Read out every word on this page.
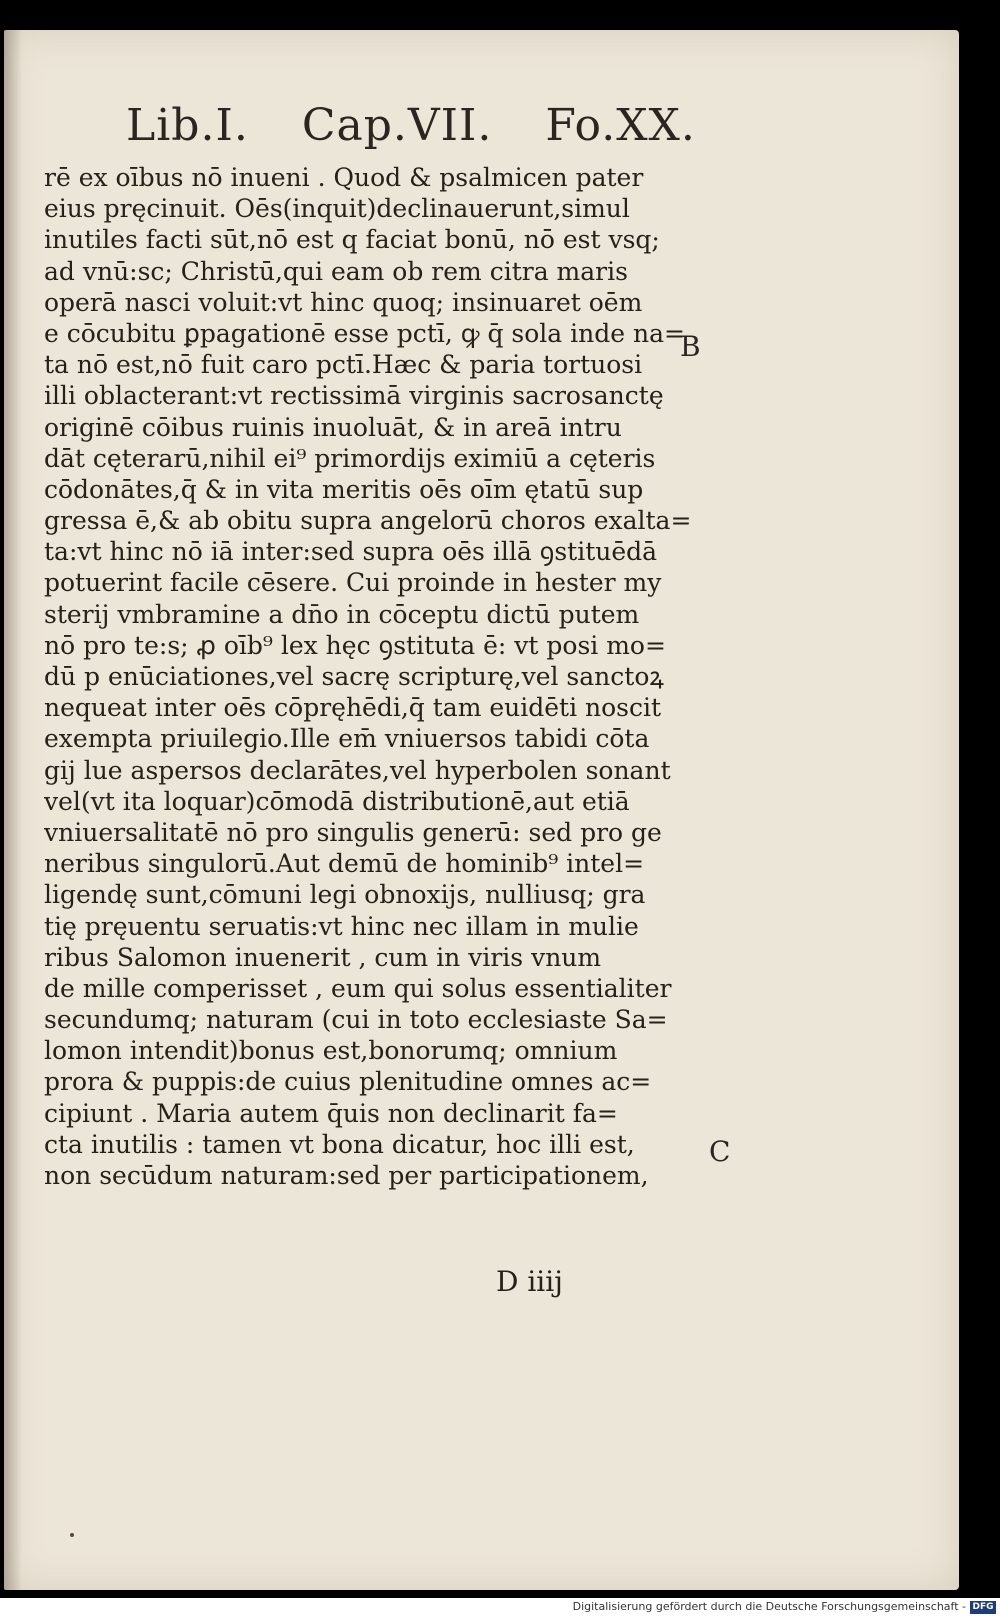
Lib.I. Cap.VII. Fo.XX.
rē ex oībus nō inueni . Quod & psalmicen pater
eius pręcinuit. Oēs(inquit)declinauerunt,simul
inutiles facti sūt,nō est q faciat bonū, nō est vsq;
ad vnū:sc; Christū,qui eam ob rem citra maris
operā nasci voluit:vt hinc quoq; insinuaret oēm
e cōcubitu ꝑpagationē esse pctī, ꝙ q̄ sola inde na=
ta nō est,nō fuit caro pctī.Hæc & paria tortuosi
illi oblacterant:vt rectissimā virginis sacrosanctę
originē cōibus ruinis inuoluāt, & in areā intru
dāt cęterarū,nihil ei⁹ primordijs eximiū a cęteris
cōdonātes,q̄ & in vita meritis oēs oīm ętatū sup
gressa ē,& ab obitu supra angelorū choros exalta=
ta:vt hinc nō iā inter:sed supra oēs illā ꝯstituēdā
potuerint facile cēsere. Cui proinde in hester my
sterij vmbramine a dn̄o in cōceptu dictū putem
nō pro te:s; ꝓ oīb⁹ lex hęc ꝯstituta ē: vt posi mo=
dū p enūciationes,vel sacrę scripturę,vel sanctoꝝ
nequeat inter oēs cōpręhēdi,q̄ tam euidēti noscit
exempta priuilegio.Ille em̄ vniuersos tabidi cōta
gij lue aspersos declarātes,vel hyperbolen sonant
vel(vt ita loquar)cōmodā distributionē,aut etiā
vniuersalitatē nō pro singulis generū: sed pro ge
neribus singulorū.Aut demū de hominib⁹ intel=
ligendę sunt,cōmuni legi obnoxijs, nulliusq; gra
tię pręuentu seruatis:vt hinc nec illam in mulie
ribus Salomon inuenerit , cum in viris vnum
de mille comperisset , eum qui solus essentialiter
secundumq; naturam (cui in toto ecclesiaste Sa=
lomon intendit)bonus est,bonorumq; omnium
prora & puppis:de cuius plenitudine omnes ac=
cipiunt . Maria autem q̄uis non declinarit fa=
cta inutilis : tamen vt bona dicatur, hoc illi est,
non secūdum naturam:sed per participationem,
B
C
D iiij
Digitalisierung gefördert durch die Deutsche Forschungsgemeinschaft - DFG
